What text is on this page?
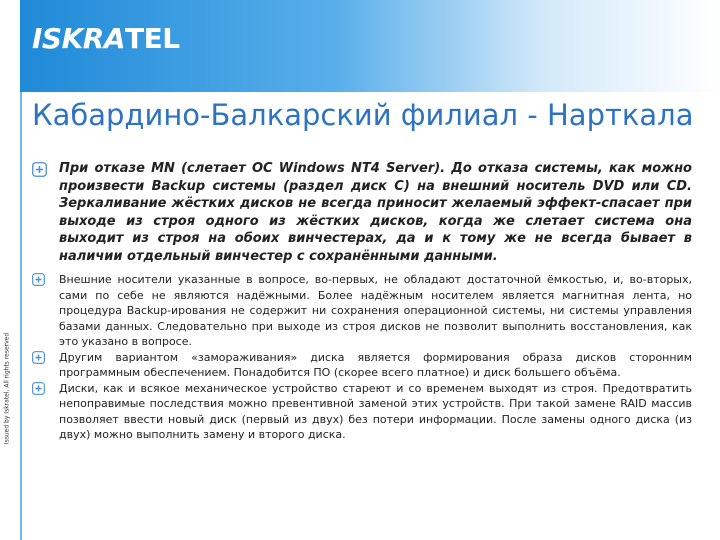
ISKRATEL
Issued by Iskratel, All rights reserved
Кабардино-Балкарский филиал - Нарткала
При отказе MN (слетает ОС Windows NT4 Server). До отказа системы, как можно произвести Backup системы (раздел диск C) на внешний носитель DVD или CD. Зеркаливание жёстких дисков не всегда приносит желаемый эффект-спасает при выходе из строя одного из жёстких дисков, когда же слетает система она выходит из строя на обоих винчестерах, да и к тому же не всегда бывает в наличии отдельный винчестер с сохранёнными данными.
Внешние носители указанные в вопросе, во-первых, не обладают достаточной ёмкостью, и, во-вторых, сами по себе не являются надёжными. Более надёжным носителем является магнитная лента, но процедура Backup-ирования не содержит ни сохранения операционной системы, ни системы управления базами данных. Следовательно при выходе из строя дисков не позволит выполнить восстановления, как это указано в вопросе.
Другим вариантом «замораживания» диска является формирования образа дисков сторонним программным обеспечением. Понадобится ПО (скорее всего платное) и диск большего объёма.
Диски, как и всякое механическое устройство стареют и со временем выходят из строя. Предотвратить непоправимые последствия можно превентивной заменой этих устройств. При такой замене RAID массив позволяет ввести новый диск (первый из двух) без потери информации. После замены одного диска (из двух) можно выполнить замену и второго диска.
